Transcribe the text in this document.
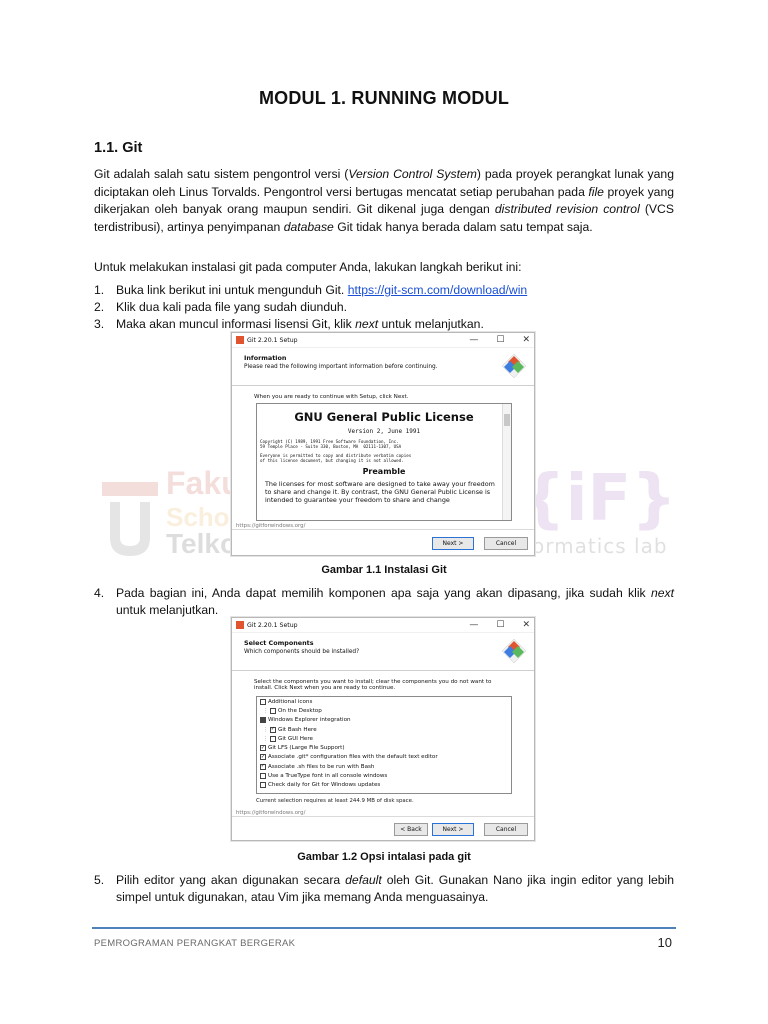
Faku
Scho
Telko
{iF}
ormatics lab
MODUL 1. RUNNING MODUL
1.1. Git

Git adalah salah satu sistem pengontrol versi (Version Control System) pada proyek perangkat lunak yang diciptakan oleh Linus Torvalds. Pengontrol versi bertugas mencatat setiap perubahan pada file proyek yang dikerjakan oleh banyak orang maupun sendiri. Git dikenal juga dengan distributed revision control (VCS terdistribusi), artinya penyimpanan database Git tidak hanya berada dalam satu tempat saja.

Untuk melakukan instalasi git pada computer Anda, lakukan langkah berikut ini:

1. Buka link berikut ini untuk mengunduh Git. https://git-scm.com/download/win
2. Klik dua kali pada file yang sudah diunduh.
3. Maka akan muncul informasi lisensi Git, klik next untuk melanjutkan.
Git 2.20.1 Setup	— ☐ ✕
Information
Please read the following important information before continuing.
When you are ready to continue with Setup, click Next.
GNU General Public License
Version 2, June 1991
Copyright (C) 1989, 1991 Free Software Foundation, Inc.
59 Temple Place - Suite 330, Boston, MA  02111-1307, USA
Everyone is permitted to copy and distribute verbatim copies
of this license document, but changing it is not allowed.
Preamble
The licenses for most software are designed to take away your freedom to share and change it. By contrast, the GNU General Public License is intended to guarantee your freedom to share and change
https://gitforwindows.org/
Next >	Cancel
Gambar 1.1 Instalasi Git
4. Pada bagian ini, Anda dapat memilih komponen apa saja yang akan dipasang, jika sudah klik next untuk melanjutkan.
Git 2.20.1 Setup	— ☐ ✕
Select Components
Which components should be installed?
Select the components you want to install; clear the components you do not want to install. Click Next when you are ready to continue.
Additional icons
⋮ On the Desktop
Windows Explorer integration
⋮ ✓ Git Bash Here
⋮ Git GUI Here
✓ Git LFS (Large File Support)
✓ Associate .git* configuration files with the default text editor
✓ Associate .sh files to be run with Bash
Use a TrueType font in all console windows
Check daily for Git for Windows updates
Current selection requires at least 244.9 MB of disk space.
https://gitforwindows.org/
< Back	Next >	Cancel
Gambar 1.2 Opsi intalasi pada git
5. Pilih editor yang akan digunakan secara default oleh Git. Gunakan Nano jika ingin editor yang lebih simpel untuk digunakan, atau Vim jika memang Anda menguasainya.
PEMROGRAMAN PERANGKAT BERGERAK	10
